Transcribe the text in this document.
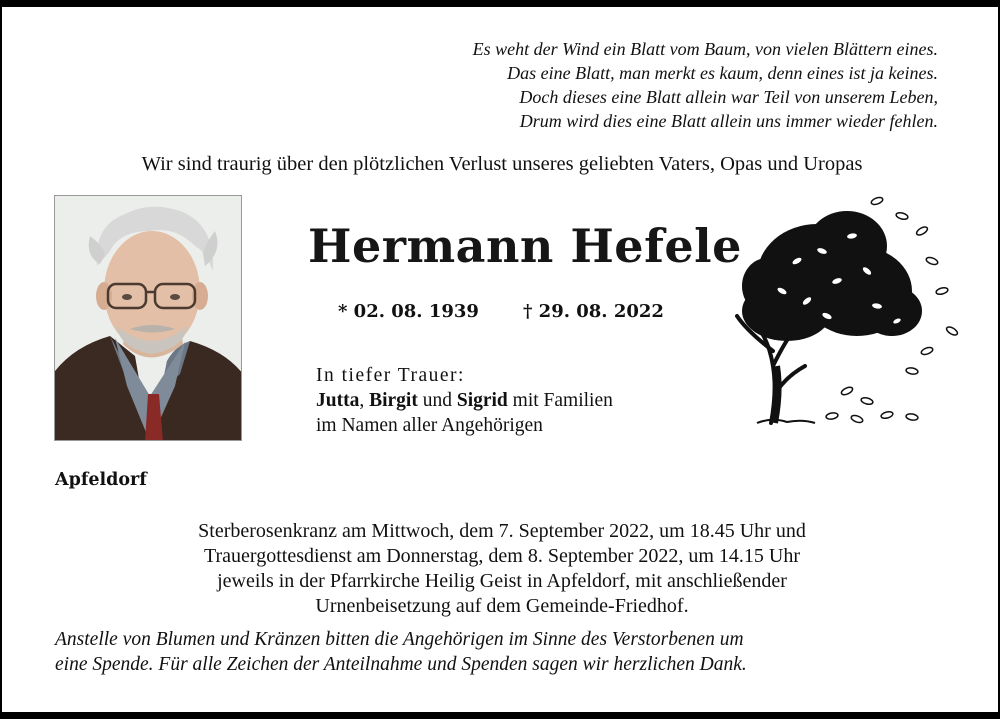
Es weht der Wind ein Blatt vom Baum, von vielen Blättern eines.
Das eine Blatt, man merkt es kaum, denn eines ist ja keines.
Doch dieses eine Blatt allein war Teil von unserem Leben,
Drum wird dies eine Blatt allein uns immer wieder fehlen.
Wir sind traurig über den plötzlichen Verlust unseres geliebten Vaters, Opas und Uropas
Hermann Hefele
* 02. 08. 1939 † 29. 08. 2022
In tiefer Trauer:
Jutta, Birgit und Sigrid mit Familien
im Namen aller Angehörigen
Apfeldorf
Sterberosenkranz am Mittwoch, dem 7. September 2022, um 18.45 Uhr und
Trauergottesdienst am Donnerstag, dem 8. September 2022, um 14.15 Uhr
jeweils in der Pfarrkirche Heilig Geist in Apfeldorf, mit anschließender
Urnenbeisetzung auf dem Gemeinde-Friedhof.
Anstelle von Blumen und Kränzen bitten die Angehörigen im Sinne des Verstorbenen um
eine Spende. Für alle Zeichen der Anteilnahme und Spenden sagen wir herzlichen Dank.
